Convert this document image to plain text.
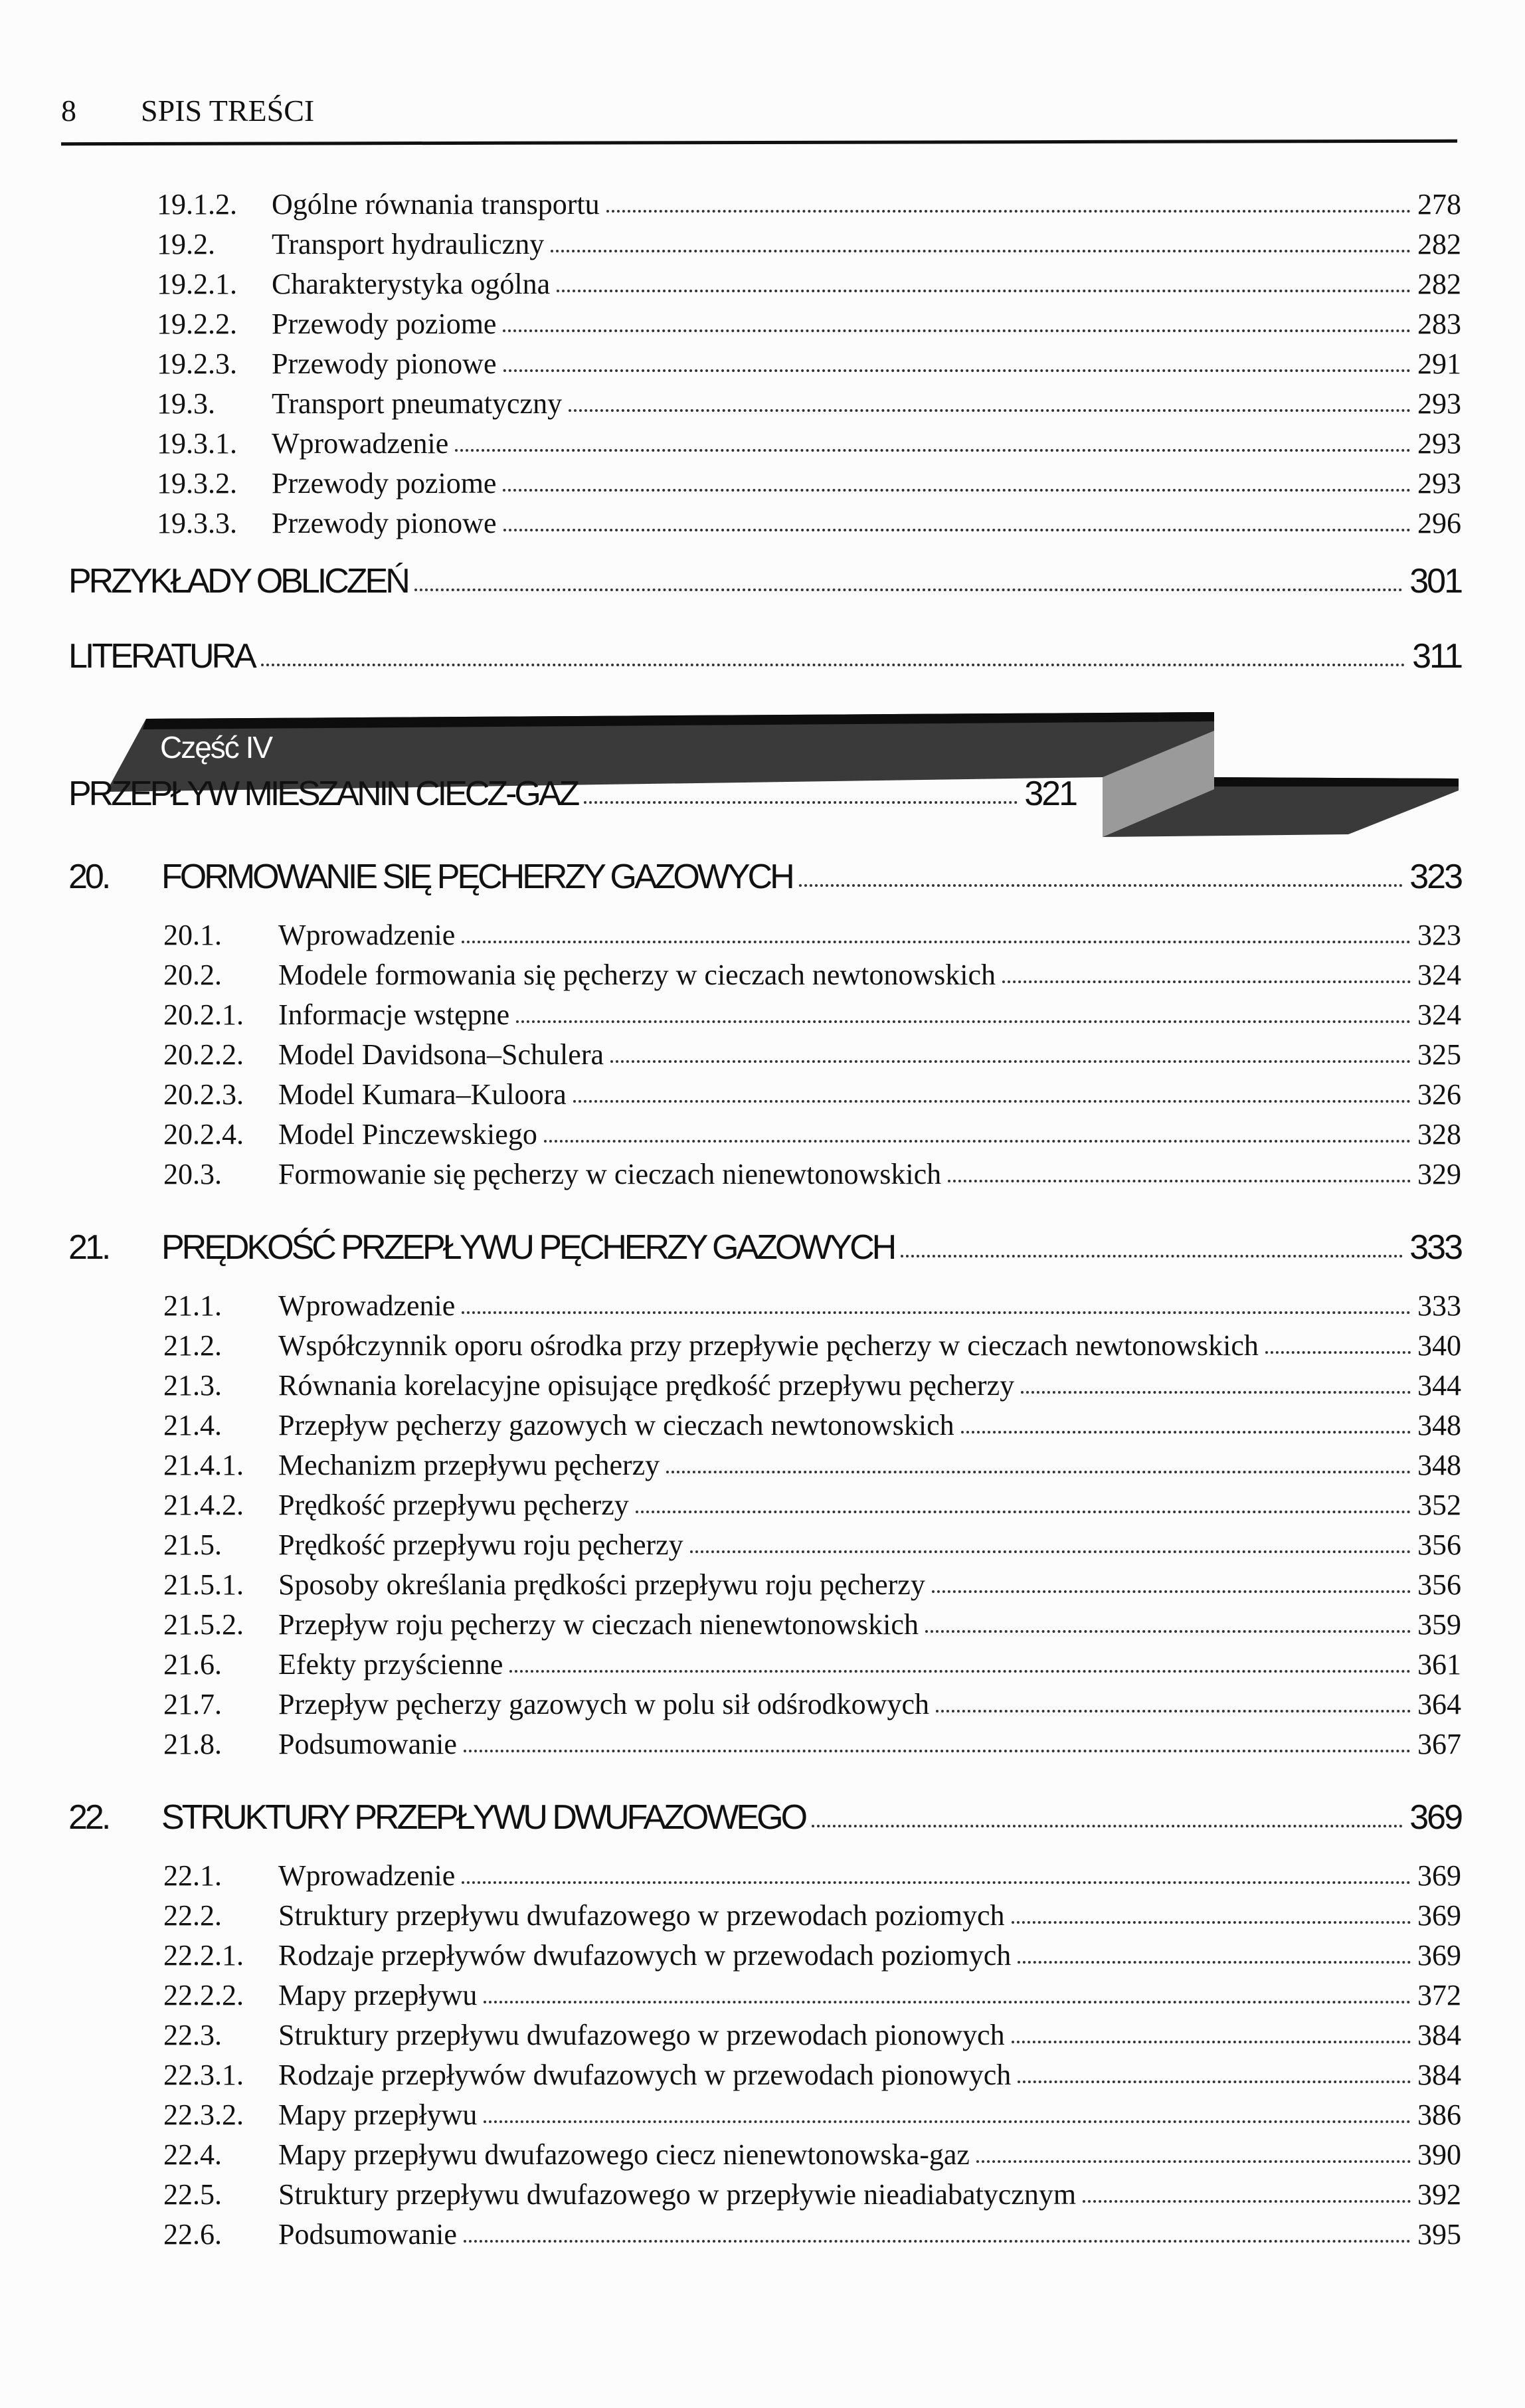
8 SPIS TREŚCI
Część IV
19.1.2.	Ogólne równania transportu	278
19.2.	Transport hydrauliczny	282
19.2.1.	Charakterystyka ogólna	282
19.2.2.	Przewody poziome	283
19.2.3.	Przewody pionowe	291
19.3.	Transport pneumatyczny	293
19.3.1.	Wprowadzenie	293
19.3.2.	Przewody poziome	293
19.3.3.	Przewody pionowe	296
PRZYKŁADY OBLICZEŃ	301
LITERATURA	311
PRZEPŁYW MIESZANIN CIECZ-GAZ	321
20.	FORMOWANIE SIĘ PĘCHERZY GAZOWYCH	323
20.1.	Wprowadzenie	323
20.2.	Modele formowania się pęcherzy w cieczach newtonowskich	324
20.2.1.	Informacje wstępne	324
20.2.2.	Model Davidsona–Schulera	325
20.2.3.	Model Kumara–Kuloora	326
20.2.4.	Model Pinczewskiego	328
20.3.	Formowanie się pęcherzy w cieczach nienewtonowskich	329
21.	PRĘDKOŚĆ PRZEPŁYWU PĘCHERZY GAZOWYCH	333
21.1.	Wprowadzenie	333
21.2.	Współczynnik oporu ośrodka przy przepływie pęcherzy w cieczach newtonowskich	340
21.3.	Równania korelacyjne opisujące prędkość przepływu pęcherzy	344
21.4.	Przepływ pęcherzy gazowych w cieczach newtonowskich	348
21.4.1.	Mechanizm przepływu pęcherzy	348
21.4.2.	Prędkość przepływu pęcherzy	352
21.5.	Prędkość przepływu roju pęcherzy	356
21.5.1.	Sposoby określania prędkości przepływu roju pęcherzy	356
21.5.2.	Przepływ roju pęcherzy w cieczach nienewtonowskich	359
21.6.	Efekty przyścienne	361
21.7.	Przepływ pęcherzy gazowych w polu sił odśrodkowych	364
21.8.	Podsumowanie	367
22.	STRUKTURY PRZEPŁYWU DWUFAZOWEGO	369
22.1.	Wprowadzenie	369
22.2.	Struktury przepływu dwufazowego w przewodach poziomych	369
22.2.1.	Rodzaje przepływów dwufazowych w przewodach poziomych	369
22.2.2.	Mapy przepływu	372
22.3.	Struktury przepływu dwufazowego w przewodach pionowych	384
22.3.1.	Rodzaje przepływów dwufazowych w przewodach pionowych	384
22.3.2.	Mapy przepływu	386
22.4.	Mapy przepływu dwufazowego ciecz nienewtonowska-gaz	390
22.5.	Struktury przepływu dwufazowego w przepływie nieadiabatycznym	392
22.6.	Podsumowanie	395
